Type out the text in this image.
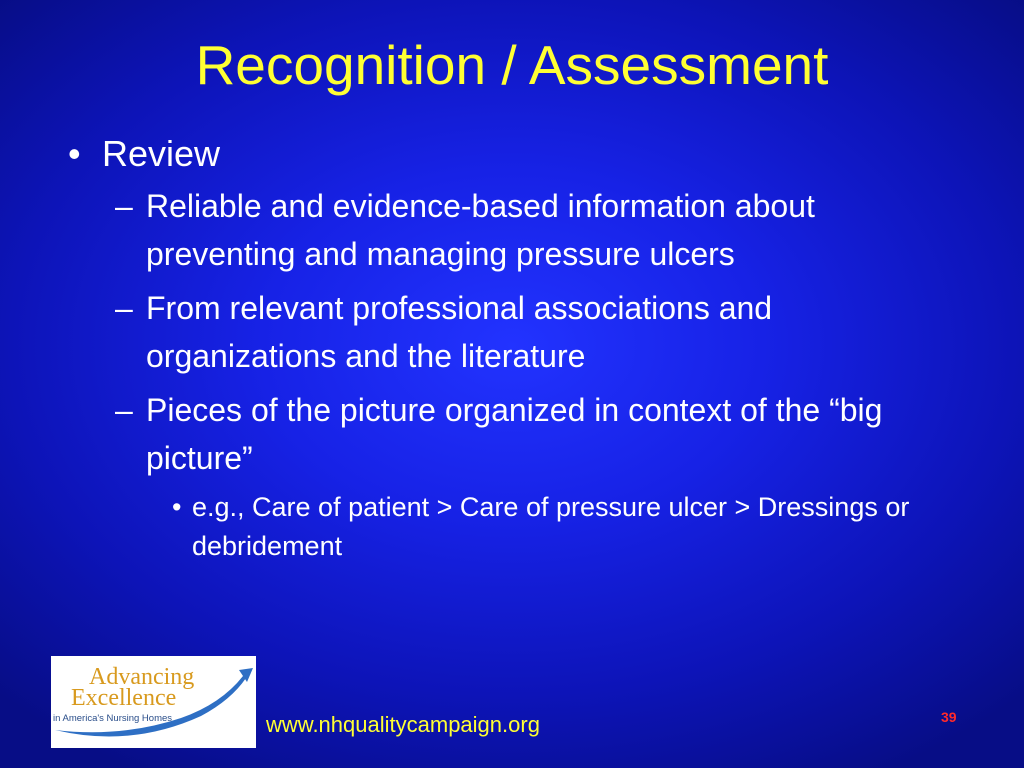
Recognition / Assessment
• Review
– Reliable and evidence-based information about preventing and managing pressure ulcers
– From relevant professional associations and organizations and the literature
– Pieces of the picture organized in context of the “big picture”
• e.g., Care of patient > Care of pressure ulcer > Dressings or debridement
Advancing
Excellence
in America's Nursing Homes	www.nhqualitycampaign.org	39
